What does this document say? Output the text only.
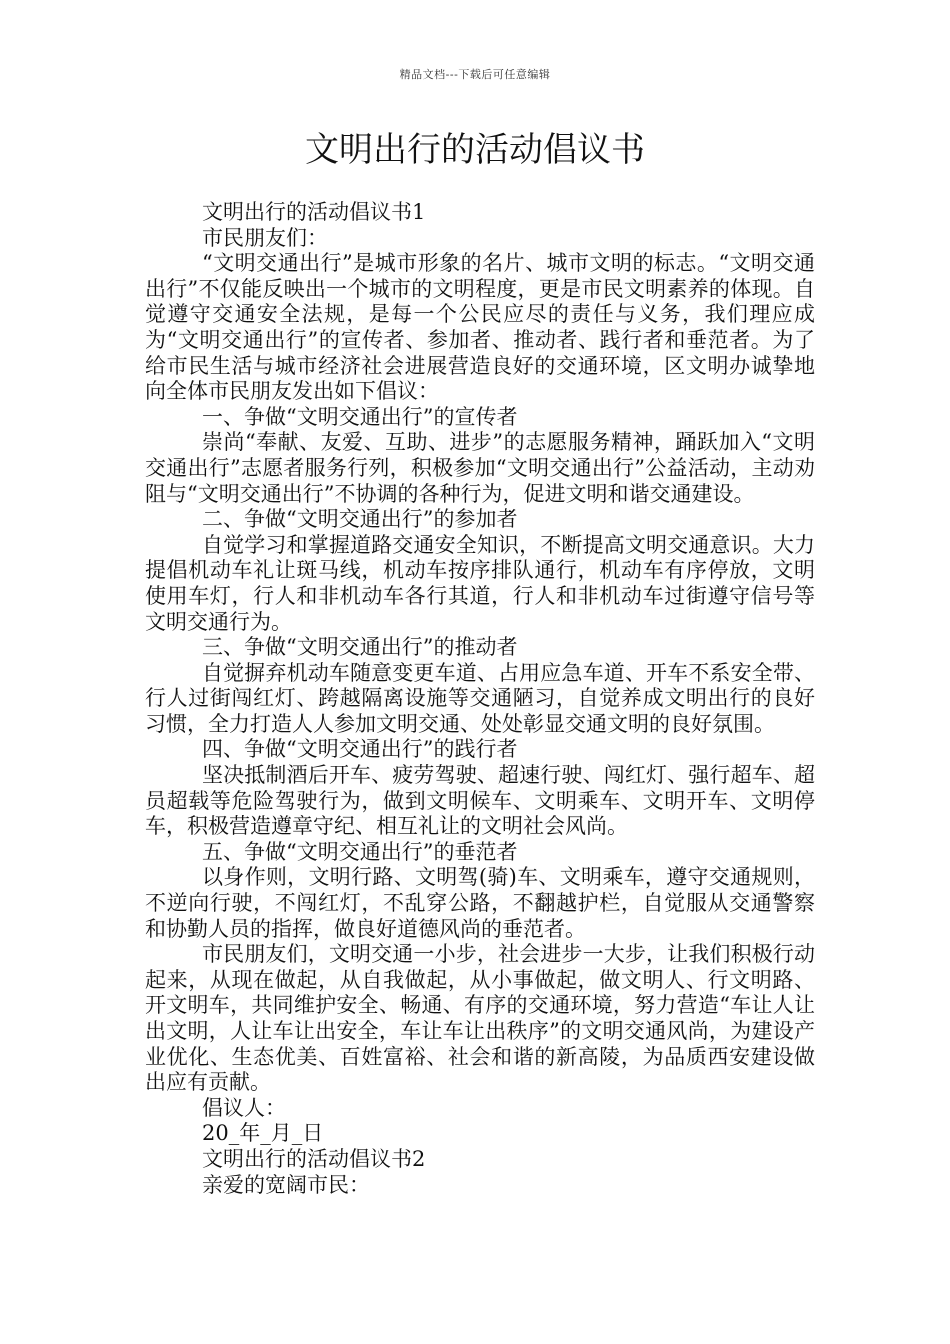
精品文档---下载后可任意编辑
文明出行的活动倡议书

文明出行的活动倡议书1

市民朋友们：

“文明交通出行”是城市形象的名片、城市文明的标志。“文明交通出行”不仅能反映出一个城市的文明程度，更是市民文明素养的体现。自觉遵守交通安全法规，是每一个公民应尽的责任与义务，我们理应成为“文明交通出行”的宣传者、参加者、推动者、践行者和垂范者。为了给市民生活与城市经济社会进展营造良好的交通环境，区文明办诚挚地向全体市民朋友发出如下倡议：

一、争做“文明交通出行”的宣传者

崇尚“奉献、友爱、互助、进步”的志愿服务精神，踊跃加入“文明交通出行”志愿者服务行列，积极参加“文明交通出行”公益活动，主动劝阻与“文明交通出行”不协调的各种行为，促进文明和谐交通建设。

二、争做“文明交通出行”的参加者

自觉学习和掌握道路交通安全知识，不断提高文明交通意识。大力提倡机动车礼让斑马线，机动车按序排队通行，机动车有序停放，文明使用车灯，行人和非机动车各行其道，行人和非机动车过街遵守信号等文明交通行为。

三、争做“文明交通出行”的推动者

自觉摒弃机动车随意变更车道、占用应急车道、开车不系安全带、行人过街闯红灯、跨越隔离设施等交通陋习，自觉养成文明出行的良好习惯，全力打造人人参加文明交通、处处彰显交通文明的良好氛围。

四、争做“文明交通出行”的践行者

坚决抵制酒后开车、疲劳驾驶、超速行驶、闯红灯、强行超车、超员超载等危险驾驶行为，做到文明候车、文明乘车、文明开车、文明停车，积极营造遵章守纪、相互礼让的文明社会风尚。

五、争做“文明交通出行”的垂范者

以身作则，文明行路、文明驾(骑)车、文明乘车，遵守交通规则，不逆向行驶，不闯红灯，不乱穿公路，不翻越护栏，自觉服从交通警察和协勤人员的指挥，做良好道德风尚的垂范者。

市民朋友们，文明交通一小步，社会进步一大步，让我们积极行动起来，从现在做起，从自我做起，从小事做起，做文明人、行文明路、开文明车，共同维护安全、畅通、有序的交通环境，努力营造“车让人让出文明，人让车让出安全，车让车让出秩序”的文明交通风尚，为建设产业优化、生态优美、百姓富裕、社会和谐的新高陵，为品质西安建设做出应有贡献。

倡议人：

20_年_月_日

文明出行的活动倡议书2

亲爱的宽阔市民：
